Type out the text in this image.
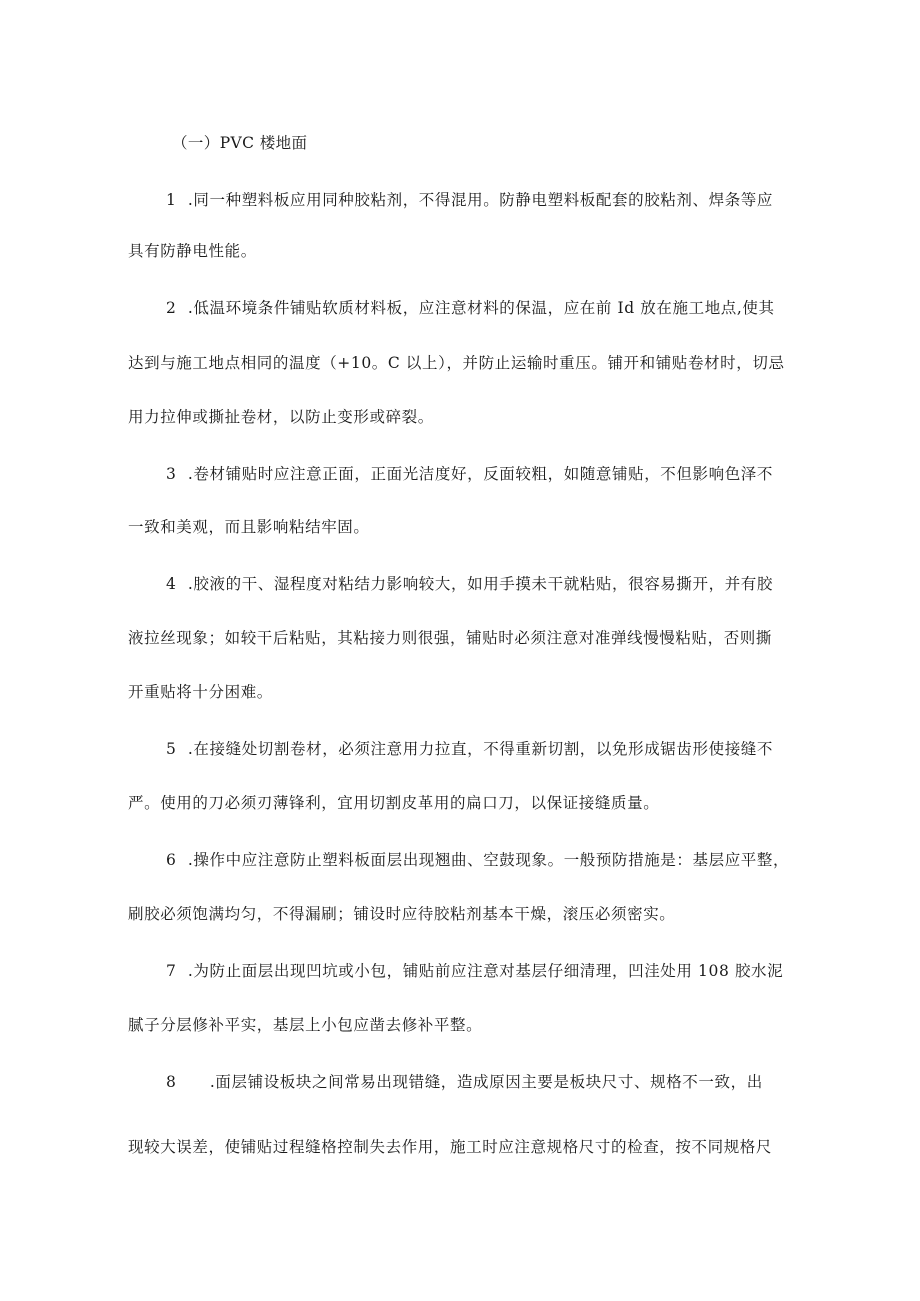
（一）PVC 楼地面
1 .同一种塑料板应用同种胶粘剂，不得混用。防静电塑料板配套的胶粘剂、焊条等应
具有防静电性能。
2 .低温环境条件铺贴软质材料板，应注意材料的保温，应在前 Id 放在施工地点,使其
达到与施工地点相同的温度（+10。C 以上），并防止运输时重压。铺开和铺贴卷材时，切忌
用力拉伸或撕扯卷材，以防止变形或碎裂。
3 .卷材铺贴时应注意正面，正面光洁度好，反面较粗，如随意铺贴，不但影响色泽不
一致和美观，而且影响粘结牢固。
4 .胶液的干、湿程度对粘结力影响较大，如用手摸未干就粘贴，很容易撕开，并有胶
液拉丝现象；如较干后粘贴，其粘接力则很强，铺贴时必须注意对准弹线慢慢粘贴，否则撕
开重贴将十分困难。
5 .在接缝处切割卷材，必须注意用力拉直，不得重新切割，以免形成锯齿形使接缝不
严。使用的刀必须刃薄锋利，宜用切割皮革用的扁口刀，以保证接缝质量。
6 .操作中应注意防止塑料板面层出现翘曲、空鼓现象。一般预防措施是：基层应平整，
刷胶必须饱满均匀，不得漏刷；铺设时应待胶粘剂基本干燥，滚压必须密实。
7 .为防止面层出现凹坑或小包，铺贴前应注意对基层仔细清理，凹洼处用 108 胶水泥
腻子分层修补平实，基层上小包应凿去修补平整。
8 .面层铺设板块之间常易出现错缝，造成原因主要是板块尺寸、规格不一致，出
现较大误差，使铺贴过程缝格控制失去作用，施工时应注意规格尺寸的检查，按不同规格尺
